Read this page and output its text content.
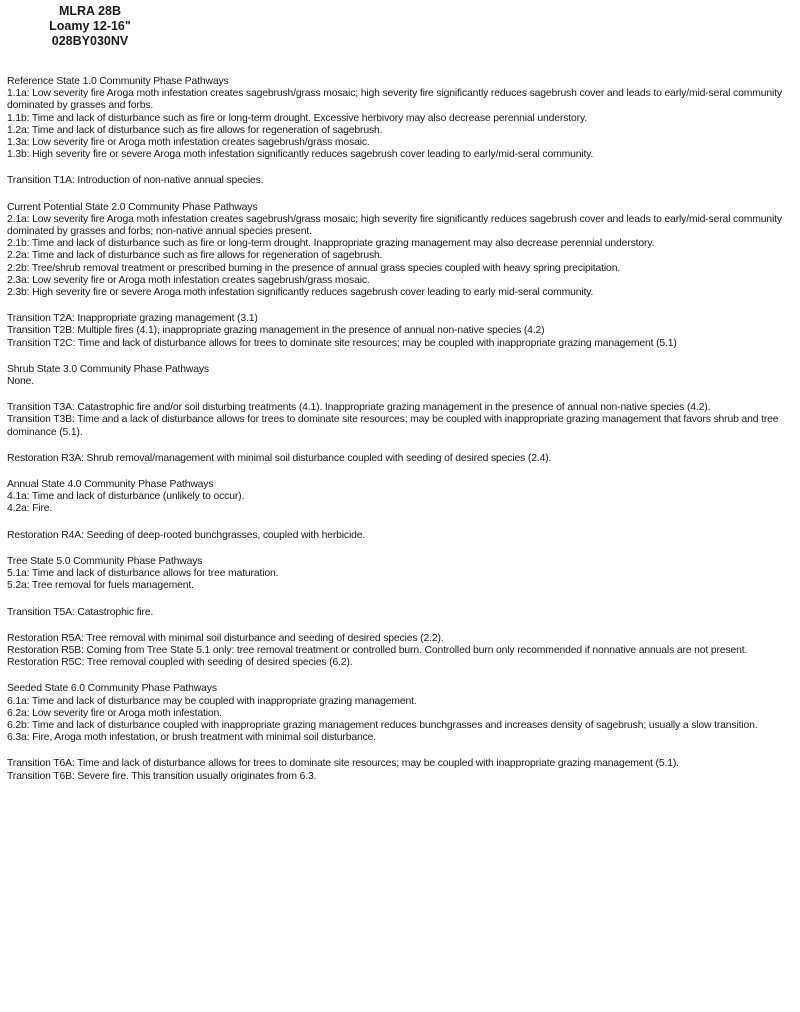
MLRA 28B
Loamy 12-16"
028BY030NV
Reference State 1.0 Community Phase Pathways
1.1a: Low severity fire Aroga moth infestation creates sagebrush/grass mosaic; high severity fire significantly reduces sagebrush cover and leads to early/mid-seral community dominated by grasses and forbs.
1.1b: Time and lack of disturbance such as fire or long-term drought. Excessive herbivory may also decrease perennial understory.
1.2a: Time and lack of disturbance such as fire allows for regeneration of sagebrush.
1.3a: Low severity fire or Aroga moth infestation creates sagebrush/grass mosaic.
1.3b: High severity fire or severe Aroga moth infestation significantly reduces sagebrush cover leading to early/mid-seral community.
Transition T1A: Introduction of non-native annual species.
Current Potential State 2.0 Community Phase Pathways
2.1a: Low severity fire Aroga moth infestation creates sagebrush/grass mosaic; high severity fire significantly reduces sagebrush cover and leads to early/mid-seral community dominated by grasses and forbs; non-native annual species present.
2.1b: Time and lack of disturbance such as fire or long-term drought. Inappropriate grazing management may also decrease perennial understory.
2.2a: Time and lack of disturbance such as fire allows for regeneration of sagebrush.
2.2b: Tree/shrub removal treatment or prescribed burning in the presence of annual grass species coupled with heavy spring precipitation.
2.3a: Low severity fire or Aroga moth infestation creates sagebrush/grass mosaic.
2.3b: High severity fire or severe Aroga moth infestation significantly reduces sagebrush cover leading to early mid-seral community.
Transition T2A: Inappropriate grazing management (3.1)
Transition T2B: Multiple fires (4.1), inappropriate grazing management in the presence of annual non-native species (4.2)
Transition T2C: Time and lack of disturbance allows for trees to dominate site resources; may be coupled with inappropriate grazing management (5.1)
Shrub State 3.0 Community Phase Pathways
None.
Transition T3A: Catastrophic fire and/or soil disturbing treatments (4.1). Inappropriate grazing management in the presence of annual non-native species (4.2).
Transition T3B: Time and a lack of disturbance allows for trees to dominate site resources; may be coupled with inappropriate grazing management that favors shrub and tree dominance (5.1).
Restoration R3A: Shrub removal/management with minimal soil disturbance coupled with seeding of desired species (2.4).
Annual State 4.0 Community Phase Pathways
4.1a: Time and lack of disturbance (unlikely to occur).
4.2a: Fire.
Restoration R4A: Seeding of deep-rooted bunchgrasses, coupled with herbicide.
Tree State 5.0 Community Phase Pathways
5.1a: Time and lack of disturbance allows for tree maturation.
5.2a: Tree removal for fuels management.
Transition T5A: Catastrophic fire.
Restoration R5A: Tree removal with minimal soil disturbance and seeding of desired species (2.2).
Restoration R5B: Coming from Tree State 5.1 only: tree removal treatment or controlled burn. Controlled burn only recommended if nonnative annuals are not present.
Restoration R5C: Tree removal coupled with seeding of desired species (6.2).
Seeded State 6.0 Community Phase Pathways
6.1a: Time and lack of disturbance may be coupled with inappropriate grazing management.
6.2a: Low severity fire or Aroga moth infestation.
6.2b: Time and lack of disturbance coupled with inappropriate grazing management reduces bunchgrasses and increases density of sagebrush; usually a slow transition.
6.3a: Fire, Aroga moth infestation, or brush treatment with minimal soil disturbance.
Transition T6A: Time and lack of disturbance allows for trees to dominate site resources; may be coupled with inappropriate grazing management (5.1).
Transition T6B: Severe fire. This transition usually originates from 6.3.
